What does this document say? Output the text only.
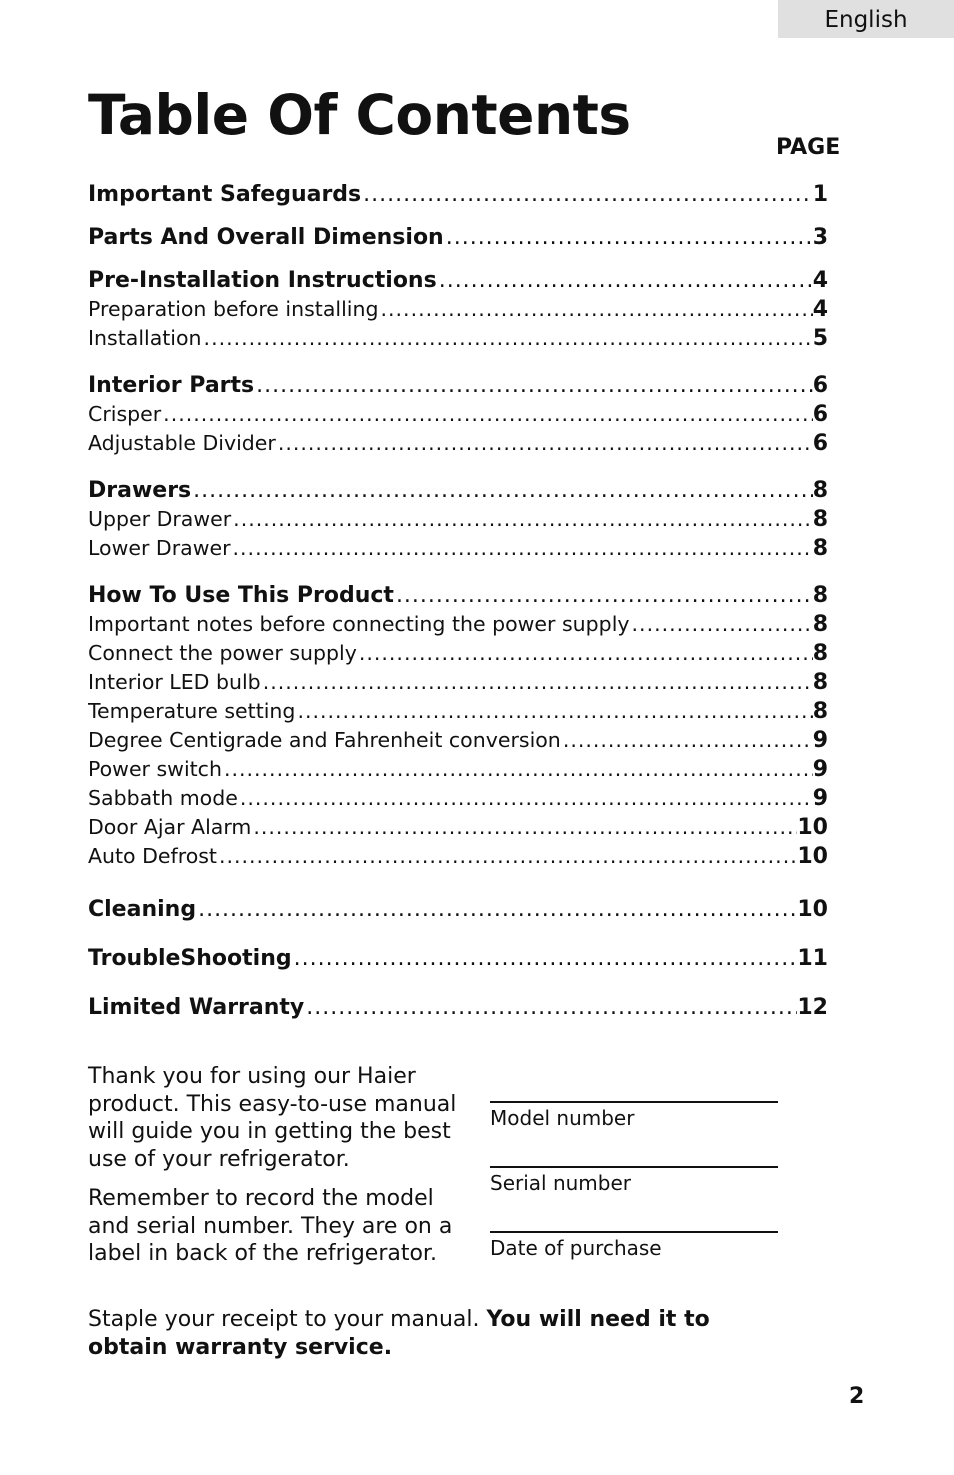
English
Table Of Contents
PAGE
Important Safeguards .....	1
Parts And Overall Dimension .....	3
Pre-Installation Instructions .....	4
Preparation before installing .....	4
Installation .....	5
Interior Parts .....	6
Crisper .....	6
Adjustable Divider .....	6
Drawers .....	8
Upper Drawer .....	8
Lower Drawer .....	8
How To Use This Product .....	8
Important notes before connecting the power supply .....	8
Connect the power supply .....	8
Interior LED bulb .....	8
Temperature setting .....	8
Degree Centigrade and Fahrenheit conversion .....	9
Power switch .....	9
Sabbath mode .....	9
Door Ajar Alarm .....	10
Auto Defrost .....	10
Cleaning .....	10
TroubleShooting .....	11
Limited Warranty .....	12

Thank you for using our Haier product. This easy-to-use manual will guide you in getting the best use of your refrigerator.

Remember to record the model and serial number. They are on a label in back of the refrigerator.

Model number
Serial number
Date of purchase
Staple your receipt to your manual. You will need it to obtain warranty service.
2
